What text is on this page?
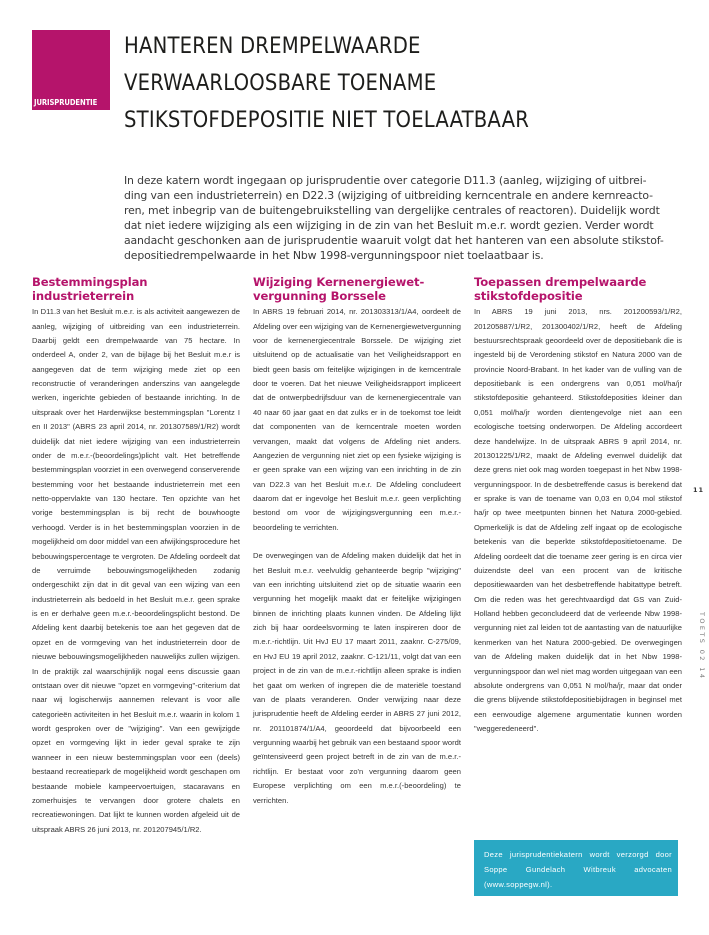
JURISPRUDENTIE
HANTEREN DREMPELWAARDE
VERWAARLOOSBARE TOENAME
STIKSTOFDEPOSITIE NIET TOELAATBAAR
In deze katern wordt ingegaan op jurisprudentie over categorie D11.3 (aanleg, wijziging of uitbrei-
ding van een industrieterrein) en D22.3 (wijziging of uitbreiding kerncentrale en andere kernreacto-
ren, met inbegrip van de buitengebruikstelling van dergelijke centrales of reactoren). Duidelijk wordt
dat niet iedere wijziging als een wijziging in de zin van het Besluit m.e.r. wordt gezien. Verder wordt
aandacht geschonken aan de jurisprudentie waaruit volgt dat het hanteren van een absolute stikstof-
depositiedrempelwaarde in het Nbw 1998-vergunningspoor niet toelaatbaar is.
Bestemmingsplan industrieterrein

In D11.3 van het Besluit m.e.r. is als activiteit aangewezen de aanleg, wijziging of uitbreiding van een industrieterrein. Daarbij geldt een drempelwaarde van 75 hectare. In onderdeel A, onder 2, van de bijlage bij het Besluit m.e.r is aangegeven dat de term wijziging mede ziet op een reconstructie of veranderingen anderszins van aangelegde werken, ingerichte gebieden of bestaande inrichting. In de uitspraak over het Harderwijkse bestemmingsplan "Lorentz I en II 2013" (ABRS 23 april 2014, nr. 201307589/1/R2) wordt duidelijk dat niet iedere wijziging van een industrieterrein onder de m.e.r.-(beoordelings)plicht valt. Het betreffende bestemmingsplan voorziet in een overwegend conserverende bestemming voor het bestaande industrieterrein met een netto-oppervlakte van 130 hectare. Ten opzichte van het vorige bestemmingsplan is bij recht de bouwhoogte verhoogd. Verder is in het bestemmingsplan voorzien in de mogelijkheid om door middel van een afwijkingsprocedure het bebouwingspercentage te vergroten. De Afdeling oordeelt dat de verruimde bebouwingsmogelijkheden zodanig ondergeschikt zijn dat in dit geval van een wijzing van een industrieterrein als bedoeld in het Besluit m.e.r. geen sprake is en er derhalve geen m.e.r.-beoordelingsplicht bestond. De Afdeling kent daarbij betekenis toe aan het gegeven dat de opzet en de vormgeving van het industrieterrein door de nieuwe bebouwingsmogelijkheden nauwelijks zullen wijzigen. In de praktijk zal waarschijnlijk nogal eens discussie gaan ontstaan over dit nieuwe "opzet en vormgeving"-criterium dat naar wij logischerwijs aannemen relevant is voor alle categorieën activiteiten in het Besluit m.e.r. waarin in kolom 1 wordt gesproken over de "wijziging". Van een gewijzigde opzet en vormgeving lijkt in ieder geval sprake te zijn wanneer in een nieuw bestemmingsplan voor een (deels) bestaand recreatiepark de mogelijkheid wordt geschapen om bestaande mobiele kampeervoertuigen, stacaravans en zomerhuisjes te vervangen door grotere chalets en recreatiewoningen. Dat lijkt te kunnen worden afgeleid uit de uitspraak ABRS 26 juni 2013, nr. 201207945/1/R2.

Wijziging Kernenergiewet-vergunning Borssele

In ABRS 19 februari 2014, nr. 201303313/1/A4, oordeelt de Afdeling over een wijziging van de Kernenergiewetvergunning voor de kernenergiecentrale Borssele. De wijziging ziet uitsluitend op de actualisatie van het Veiligheidsrapport en biedt geen basis om feitelijke wijzigingen in de kerncentrale door te voeren. Dat het nieuwe Veiligheidsrapport impliceert dat de ontwerpbedrijfsduur van de kernenergiecentrale van 40 naar 60 jaar gaat en dat zulks er in de toekomst toe leidt dat componenten van de kerncentrale moeten worden vervangen, maakt dat volgens de Afdeling niet anders. Aangezien de vergunning niet ziet op een fysieke wijziging is er geen sprake van een wijzing van een inrichting in de zin van D22.3 van het Besluit m.e.r. De Afdeling concludeert daarom dat er ingevolge het Besluit m.e.r. geen verplichting bestond om voor de wijzigingsvergunning een m.e.r.-beoordeling te verrichten.

De overwegingen van de Afdeling maken duidelijk dat het in het Besluit m.e.r. veelvuldig gehanteerde begrip "wijziging" van een inrichting uitsluitend ziet op de situatie waarin een vergunning het mogelijk maakt dat er feitelijke wijzigingen binnen de inrichting plaats kunnen vinden. De Afdeling lijkt zich bij haar oordeelsvorming te laten inspireren door de m.e.r.-richtlijn. Uit HvJ EU 17 maart 2011, zaaknr. C-275/09, en HvJ EU 19 april 2012, zaaknr. C-121/11, volgt dat van een project in de zin van de m.e.r.-richtlijn alleen sprake is indien het gaat om werken of ingrepen die de materiële toestand van de plaats veranderen. Onder verwijzing naar deze jurisprudentie heeft de Afdeling eerder in ABRS 27 juni 2012, nr. 201101874/1/A4, geoordeeld dat bijvoorbeeld een vergunning waarbij het gebruik van een bestaand spoor wordt geïntensiveerd geen project betreft in de zin van de m.e.r.-richtlijn. Er bestaat voor zo'n vergunning daarom geen Europese verplichting om een m.e.r.(-beoordeling) te verrichten.

Toepassen drempelwaarde stikstofdepositie

In ABRS 19 juni 2013, nrs. 201200593/1/R2, 201205887/1/R2, 201300402/1/R2, heeft de Afdeling bestuursrechtspraak geoordeeld over de depositiebank die is ingesteld bij de Verordening stikstof en Natura 2000 van de provincie Noord-Brabant. In het kader van de vulling van de depositiebank is een ondergrens van 0,051 mol/ha/jr stikstofdepositie gehanteerd. Stikstofdeposities kleiner dan 0,051 mol/ha/jr worden dientengevolge niet aan een ecologische toetsing onderworpen. De Afdeling accordeert deze handelwijze. In de uitspraak ABRS 9 april 2014, nr. 201301225/1/R2, maakt de Afdeling evenwel duidelijk dat deze grens niet ook mag worden toegepast in het Nbw 1998-vergunningspoor. In de desbetreffende casus is berekend dat er sprake is van de toename van 0,03 en 0,04 mol stikstof ha/jr op twee meetpunten binnen het Natura 2000-gebied. Opmerkelijk is dat de Afdeling zelf ingaat op de ecologische betekenis van die beperkte stikstofdepositietoename. De Afdeling oordeelt dat die toename zeer gering is en circa vier duizendste deel van een procent van de kritische depositiewaarden van het desbetreffende habitattype betreft. Om die reden was het gerechtvaardigd dat GS van Zuid-Holland hebben geconcludeerd dat de verleende Nbw 1998-vergunning niet zal leiden tot de aantasting van de natuurlijke kenmerken van het Natura 2000-gebied. De overwegingen van de Afdeling maken duidelijk dat in het Nbw 1998-vergunningspoor dan wel niet mag worden uitgegaan van een absolute ondergrens van 0,051 N mol/ha/jr, maar dat onder die grens blijvende stikstofdepositiebijdragen in beginsel met een eenvoudige algemene argumentatie kunnen worden "weggeredeneerd".

11
TOETS 02 14
Deze jurisprudentiekatern wordt verzorgd door Soppe Gundelach Witbreuk advocaten (www.soppegw.nl).
